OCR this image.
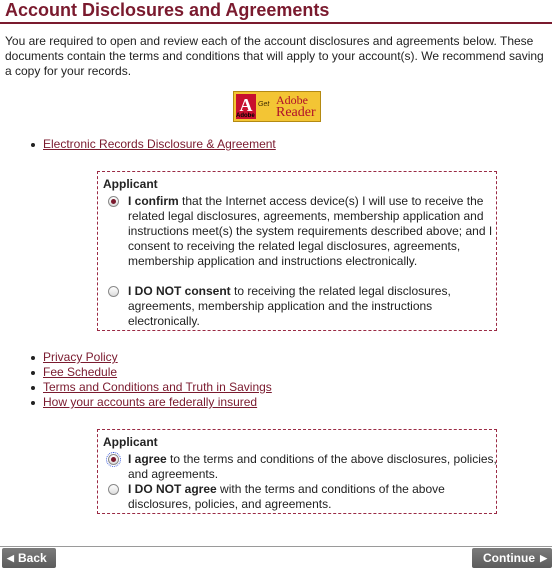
Account Disclosures and Agreements
You are required to open and review each of the account disclosures and agreements below. These documents contain the terms and conditions that will apply to your account(s). We recommend saving a copy for your records.
A
Adobe
Get Adobe
Reader
Electronic Records Disclosure & Agreement
Applicant
I confirm that the Internet access device(s) I will use to receive the related legal disclosures, agreements, membership application and instructions meet(s) the system requirements described above; and I consent to receiving the related legal disclosures, agreements, membership application and instructions electronically.
I DO NOT consent to receiving the related legal disclosures, agreements, membership application and the instructions electronically.
Privacy Policy
Fee Schedule
Terms and Conditions and Truth in Savings
How your accounts are federally insured
Applicant
I agree to the terms and conditions of the above disclosures, policies, and agreements.
I DO NOT agree with the terms and conditions of the above disclosures, policies, and agreements.
◀ Back	Continue ▶
